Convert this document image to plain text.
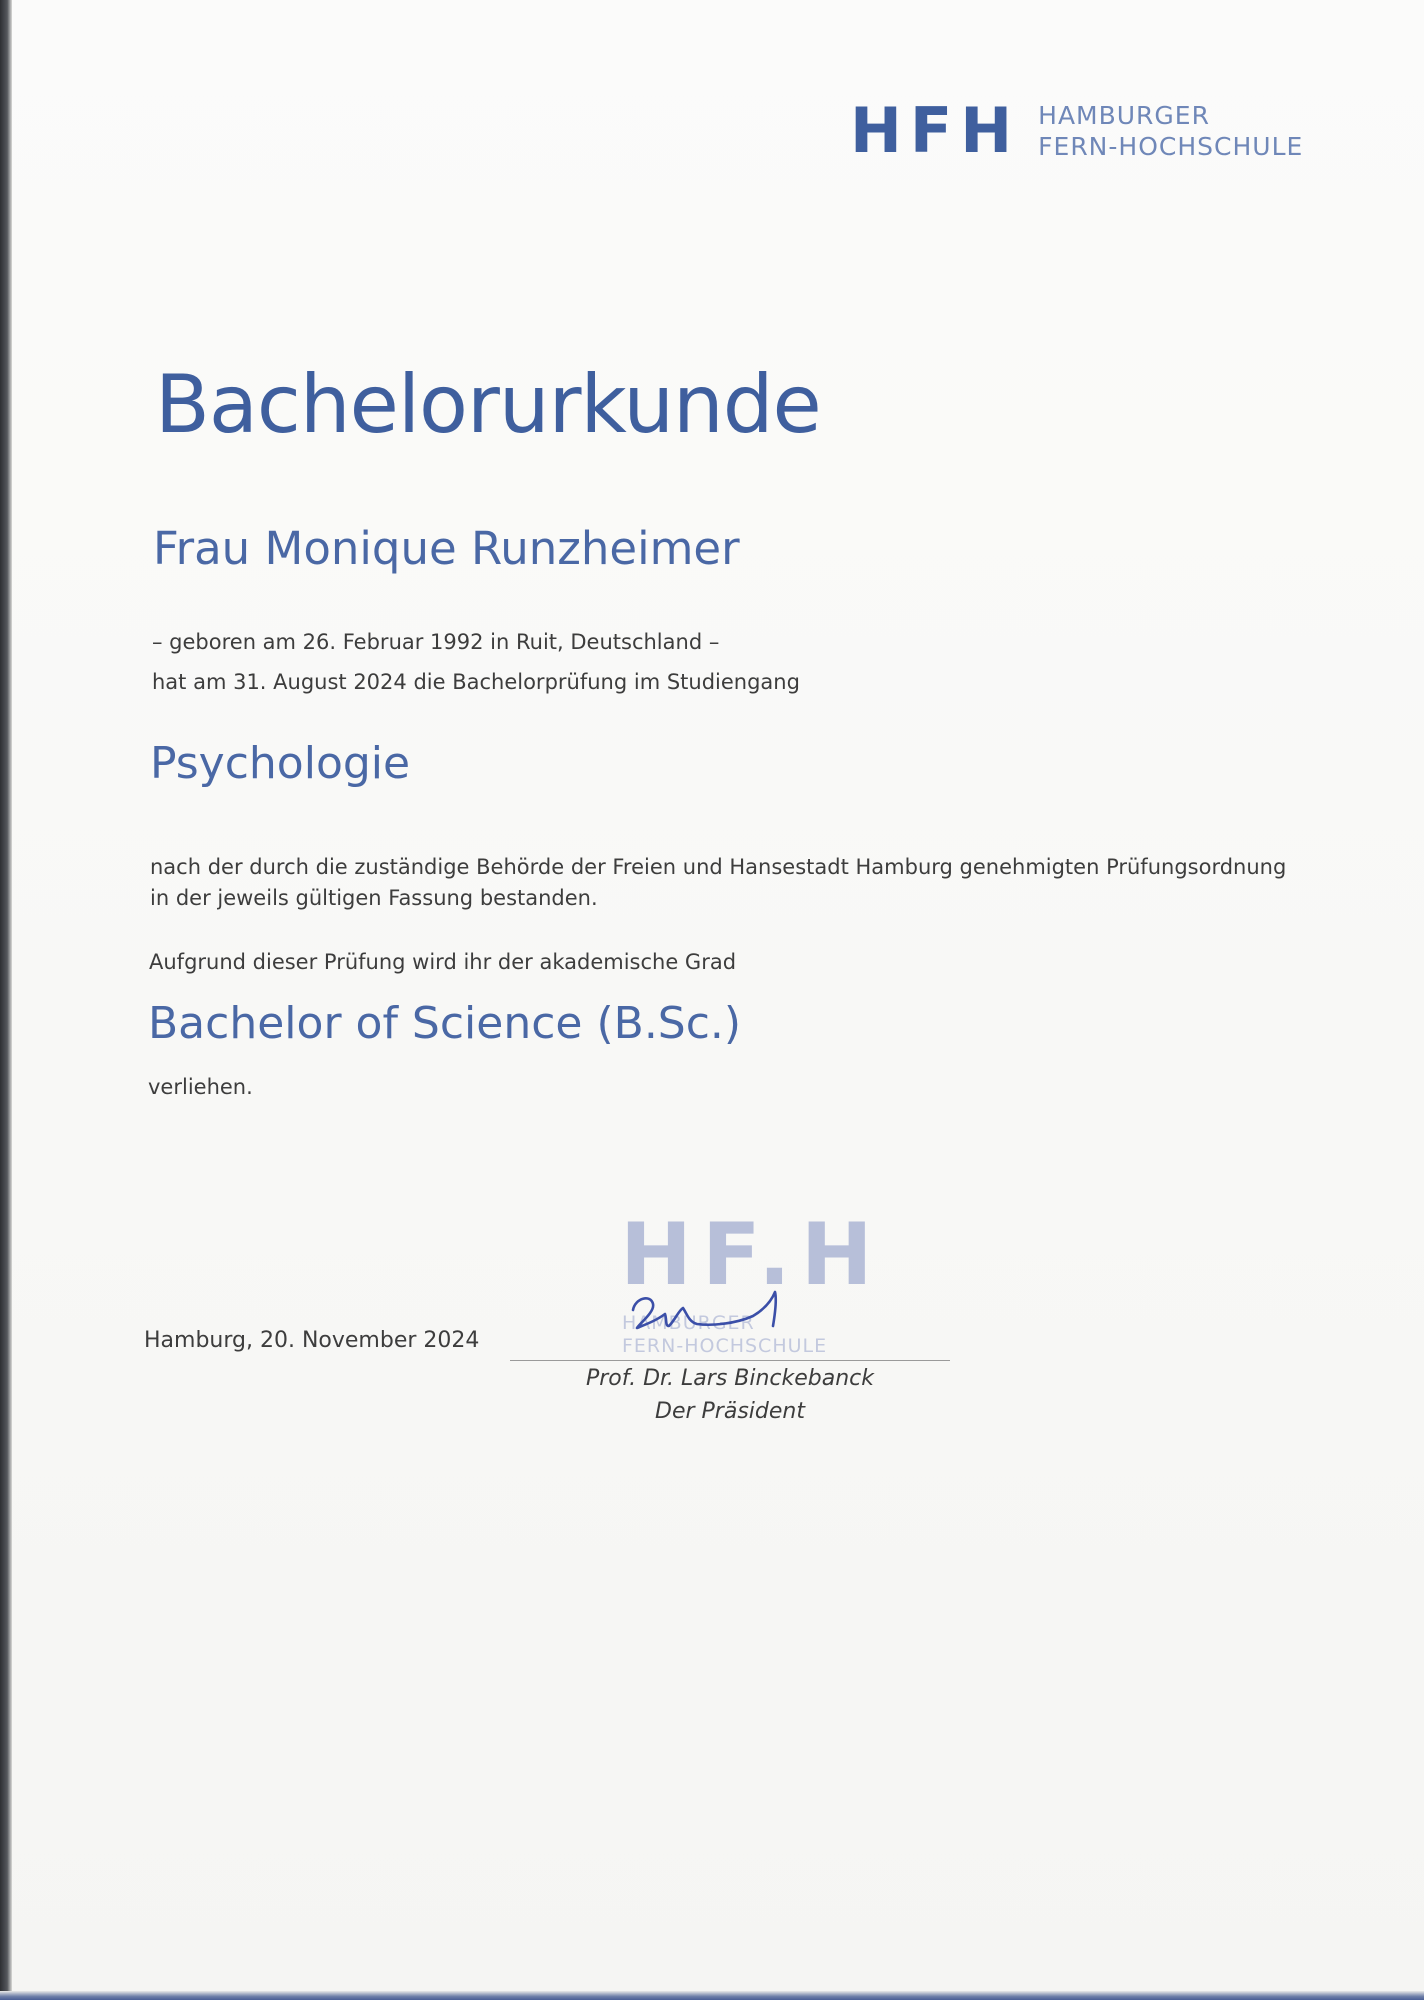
HFH HAMBURGER
FERN-HOCHSCHULE
Bachelorurkunde
Frau Monique Runzheimer
– geboren am 26. Februar 1992 in Ruit, Deutschland –
hat am 31. August 2024 die Bachelorprüfung im Studiengang
Psychologie
nach der durch die zuständige Behörde der Freien und Hansestadt Hamburg genehmigten Prüfungsordnung
in der jeweils gültigen Fassung bestanden.
Aufgrund dieser Prüfung wird ihr der akademische Grad
Bachelor of Science (B.Sc.)
verliehen.
HF.H
HAMBURGER
FERN-HOCHSCHULE
Hamburg, 20. November 2024
Prof. Dr. Lars Binckebanck
Der Präsident
